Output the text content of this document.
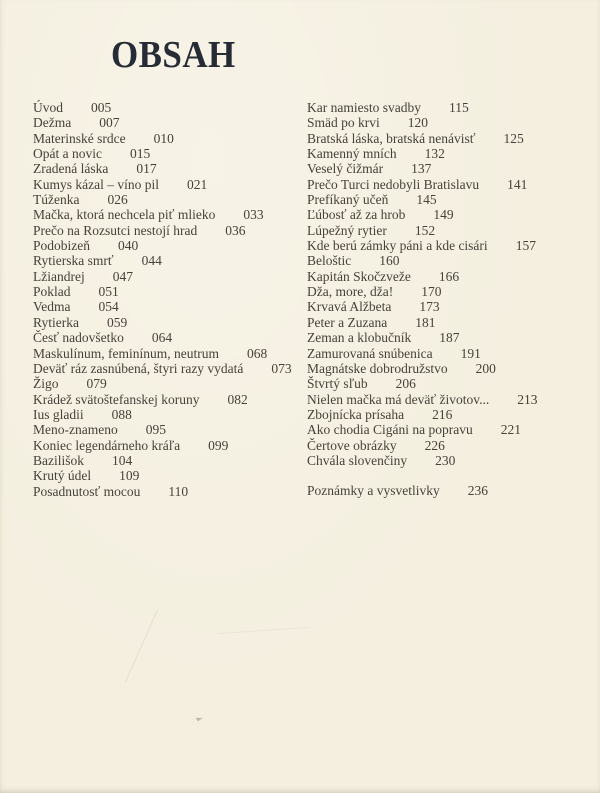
OBSAH
Úvod 005
Dežma 007
Materinské srdce 010
Opát a novic 015
Zradená láska 017
Kumys kázal – víno pil 021
Túženka 026
Mačka, ktorá nechcela piť mlieko 033
Prečo na Rozsutci nestojí hrad 036
Podobizeň 040
Rytierska smrť 044
Lžiandrej 047
Poklad 051
Vedma 054
Rytierka 059
Česť nadovšetko 064
Maskulínum, feminínum, neutrum 068
Deväť ráz zasnúbená, štyri razy vydatá 073
Žigo 079
Krádež svätoštefanskej koruny 082
Ius gladii 088
Meno-znameno 095
Koniec legendárneho kráľa 099
Bazilišok 104
Krutý údel 109
Posadnutosť mocou 110
Kar namiesto svadby 115
Smäd po krvi 120
Bratská láska, bratská nenávisť 125
Kamenný mních 132
Veselý čižmár 137
Prečo Turci nedobyli Bratislavu 141
Prefíkaný učeň 145
Ľúbosť až za hrob 149
Lúpežný rytier 152
Kde berú zámky páni a kde cisári 157
Beloštic 160
Kapitán Skočzveže 166
Dža, more, dža! 170
Krvavá Alžbeta 173
Peter a Zuzana 181
Zeman a klobučník 187
Zamurovaná snúbenica 191
Magnátske dobrodružstvo 200
Štvrtý sľub 206
Nielen mačka má deväť životov... 213
Zbojnícka prísaha 216
Ako chodia Cigáni na popravu 221
Čertove obrázky 226
Chvála slovenčiny 230
Poznámky a vysvetlivky 236
